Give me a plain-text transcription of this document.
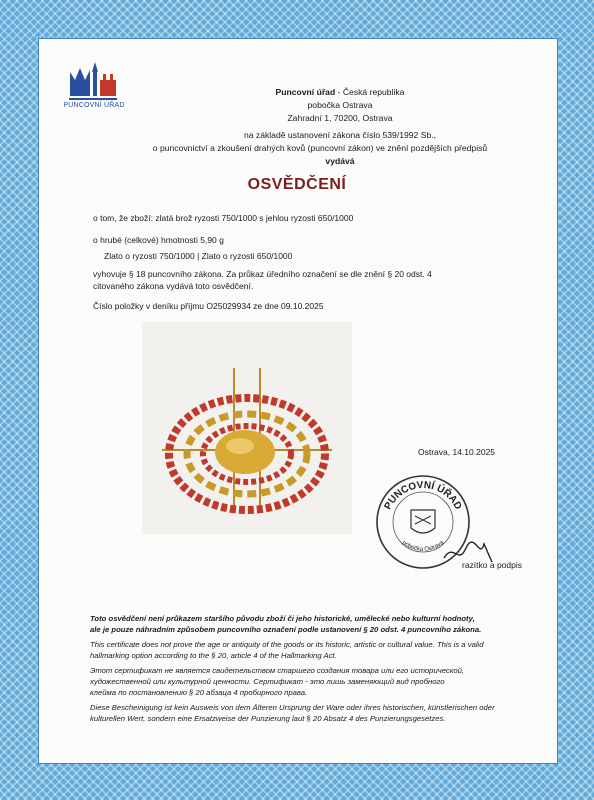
PUNCOVNÍ ÚŘAD
Puncovní úřad - Česká republika
pobočka Ostrava
Zahradní 1, 70200, Ostrava
na základě ustanovení zákona číslo 539/1992 Sb.,
o puncovnictví a zkoušení drahých kovů (puncovní zákon) ve znění pozdějších předpisů
vydává
OSVĚDČENÍ
o tom, že zboží: zlatá brož ryzosti 750/1000 s jehlou ryzosti 650/1000
o hrubé (celkové) hmotnosti 5,90 g
Zlato o ryzosti 750/1000 | Zlato o ryzosti 650/1000
vyhovuje § 18 puncovního zákona. Za průkaz úředního označení se dle znění § 20 odst. 4
citovaného zákona vydává toto osvědčení.
Číslo položky v deníku příjmu O25029934 ze dne 09.10.2025
Ostrava, 14.10.2025
PUNCOVNÍ ÚŘAD
pobočka Ostrava
razítko a podpis
Toto osvědčení není průkazem staršího původu zboží či jeho historické, umělecké nebo kulturní hodnoty,
ale je pouze náhradním způsobem puncovního označení podle ustanovení § 20 odst. 4 puncovního zákona.
This certificate does not prove the age or antiquity of the goods or its historic, artistic or cultural value. This is a valid
hallmarking option according to the § 20, article 4 of the Hallmarking Act.
Этот сертификат не является свидетельством старшего создания товара или его исторической,
художественной или культурной ценности. Сертификат - это лишь заменяющий вид пробного
клейма по постановлению § 20 абзаца 4 пробирного права.
Diese Bescheinigung ist kein Ausweis von dem Älteren Ursprung der Ware oder ihres historischen, künstlerischen oder
kulturellen Wert, sondern eine Ersatzweise der Punzierung laut § 20 Absatz 4 des Punzierungsgesetzes.
